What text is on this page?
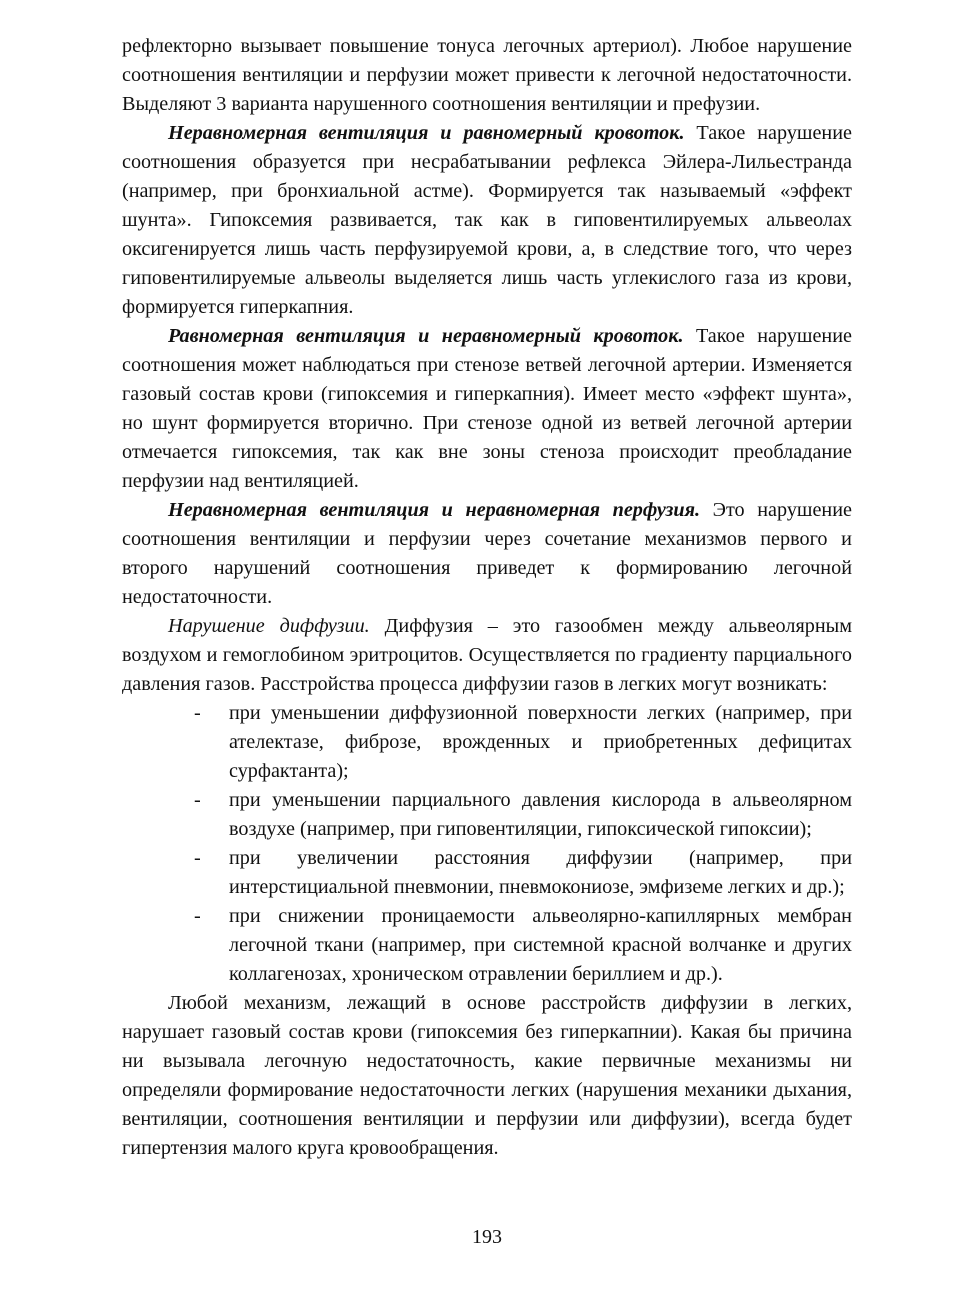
рефлекторно вызывает повышение тонуса легочных артериол). Любое нарушение соотношения вентиляции и перфузии может привести к легочной недостаточности. Выделяют 3 варианта нарушенного соотношения вентиляции и префузии.

Неравномерная вентиляция и равномерный кровоток. Такое нарушение соотношения образуется при несрабатывании рефлекса Эйлера-Лильестранда (например, при бронхиальной астме). Формируется так называемый «эффект шунта». Гипоксемия развивается, так как в гиповентилируемых альвеолах оксигенируется лишь часть перфузируемой крови, а, в следствие того, что через гиповентилируемые альвеолы выделяется лишь часть углекислого газа из крови, формируется гиперкапния.

Равномерная вентиляция и неравномерный кровоток. Такое нарушение соотношения может наблюдаться при стенозе ветвей легочной артерии. Изменяется газовый состав крови (гипоксемия и гиперкапния). Имеет место «эффект шунта», но шунт формируется вторично. При стенозе одной из ветвей легочной артерии отмечается гипоксемия, так как вне зоны стеноза происходит преобладание перфузии над вентиляцией.

Неравномерная вентиляция и неравномерная перфузия. Это нарушение соотношения вентиляции и перфузии через сочетание механизмов первого и второго нарушений соотношения приведет к формированию легочной недостаточности.

Нарушение диффузии. Диффузия – это газообмен между альвеолярным воздухом и гемоглобином эритроцитов. Осуществляется по градиенту парциального давления газов. Расстройства процесса диффузии газов в легких могут возникать:

- при уменьшении диффузионной поверхности легких (например, при ателектазе, фиброзе, врожденных и приобретенных дефицитах сурфактанта);
- при уменьшении парциального давления кислорода в альвеолярном воздухе (например, при гиповентиляции, гипоксической гипоксии);
- при увеличении расстояния диффузии (например, при интерстициальной пневмонии, пневмокониозе, эмфиземе легких и др.);
- при снижении проницаемости альвеолярно-капиллярных мембран легочной ткани (например, при системной красной волчанке и других коллагенозах, хроническом отравлении бериллием и др.).

Любой механизм, лежащий в основе расстройств диффузии в легких, нарушает газовый состав крови (гипоксемия без гиперкапнии). Какая бы причина ни вызывала легочную недостаточность, какие первичные механизмы ни определяли формирование недостаточности легких (нарушения механики дыхания, вентиляции, соотношения вентиляции и перфузии или диффузии), всегда будет гипертензия малого круга кровообращения.

193
